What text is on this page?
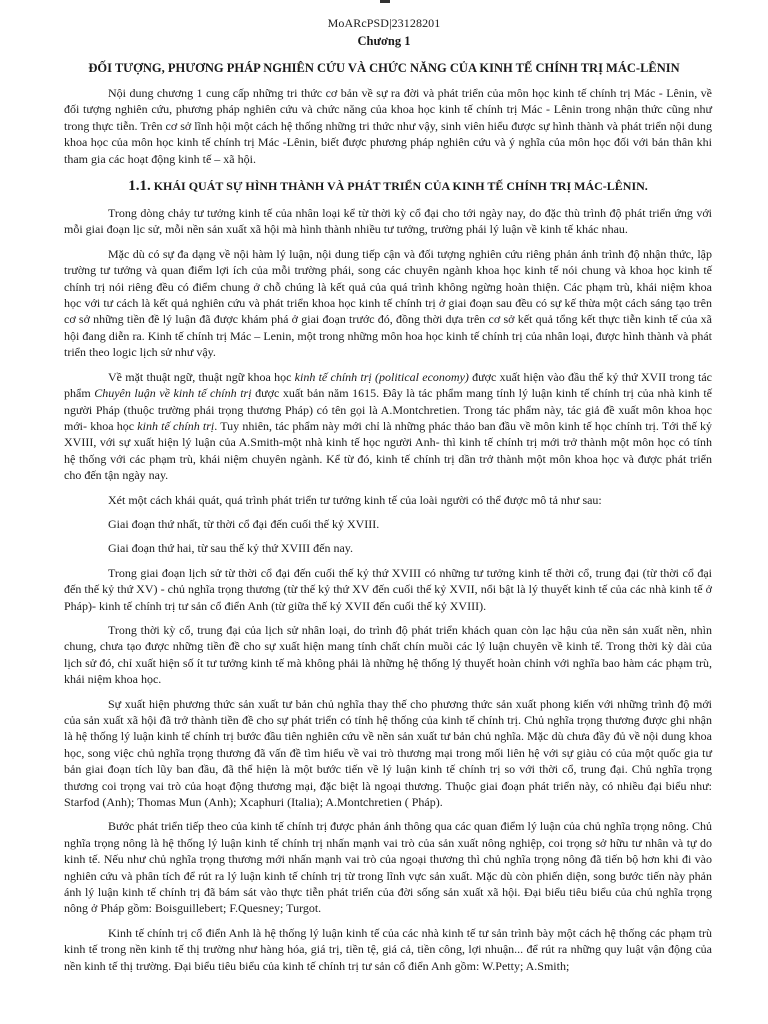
MoARcPSD|23128201
Chương 1
ĐỐI TƯỢNG, PHƯƠNG PHÁP NGHIÊN CỨU VÀ CHỨC NĂNG CỦA KINH TẾ CHÍNH TRỊ MÁC-LÊNIN

Nội dung chương 1 cung cấp những tri thức cơ bản về sự ra đời và phát triển của môn học kinh tế chính trị Mác - Lênin, về đối tượng nghiên cứu, phương pháp nghiên cứu và chức năng của khoa học kinh tế chính trị Mác - Lênin trong nhận thức cũng như trong thực tiễn. Trên cơ sở lĩnh hội một cách hệ thống những tri thức như vậy, sinh viên hiểu được sự hình thành và phát triển nội dung khoa học của môn học kinh tế chính trị Mác -Lênin, biết được phương pháp nghiên cứu và ý nghĩa của môn học đối với bản thân khi tham gia các hoạt động kinh tế – xã hội.

1.1. KHÁI QUÁT SỰ HÌNH THÀNH VÀ PHÁT TRIỂN CỦA KINH TẾ CHÍNH TRỊ MÁC-LÊNIN.

Trong dòng chảy tư tưởng kinh tế của nhân loại kể từ thời kỳ cổ đại cho tới ngày nay, do đặc thù trình độ phát triển ứng với mỗi giai đoạn lịc sử, mỗi nền sản xuất xã hội mà hình thành nhiều tư tưởng, trường phái lý luận về kinh tế khác nhau.

Mặc dù có sự đa dạng về nội hàm lý luận, nội dung tiếp cận và đối tượng nghiên cứu riêng phản ánh trình độ nhận thức, lập trường tư tưởng và quan điểm lợi ích của mỗi trường phái, song các chuyên ngành khoa học kinh tế nói chung và khoa học kinh tế chính trị nói riêng đều có điểm chung ở chỗ chúng là kết quả của quá trình không ngừng hoàn thiện. Các phạm trù, khái niệm khoa học với tư cách là kết quả nghiên cứu và phát triển khoa học kinh tế chính trị ở giai đoạn sau đều có sự kế thừa một cách sáng tạo trên cơ sở những tiền đề lý luận đã được khám phá ở giai đoạn trước đó, đồng thời dựa trên cơ sở kết quả tổng kết thực tiễn kinh tế của xã hội đang diễn ra. Kinh tế chính trị Mác – Lenin, một trong những môn hoa học kinh tế chính trị của nhân loại, được hình thành và phát triển theo logic lịch sử như vậy.

Về mặt thuật ngữ, thuật ngữ khoa học kinh tế chính trị (political economy) được xuất hiện vào đầu thế kỷ thứ XVII trong tác phẩm Chuyên luận về kinh tế chính trị được xuất bản năm 1615. Đây là tác phẩm mang tính lý luận kinh tế chính trị của nhà kinh tế người Pháp (thuộc trường phái trọng thương Pháp) có tên gọi là A.Montchretien. Trong tác phẩm này, tác giả đề xuất môn khoa học mới- khoa học kinh tế chính trị. Tuy nhiên, tác phẩm này mới chỉ là những phác thảo ban đầu về môn kinh tế học chính trị. Tới thế kỷ XVIII, với sự xuất hiện lý luận của A.Smith-một nhà kinh tế học người Anh- thì kinh tế chính trị mới trở thành một môn học có tính hệ thống với các phạm trù, khái niệm chuyên ngành. Kể từ đó, kinh tế chính trị dần trở thành một môn khoa học và được phát triển cho đến tận ngày nay.

Xét một cách khái quát, quá trình phát triển tư tưởng kinh tế của loài người có thể được mô tả như sau:

Giai đoạn thứ nhất, từ thời cổ đại đến cuối thế kỷ XVIII.

Giai đoạn thứ hai, từ sau thế kỷ thứ XVIII đến nay.

Trong giai đoạn lịch sử từ thời cổ đại đến cuối thế kỷ thứ XVIII có những tư tưởng kinh tế thời cổ, trung đại (từ thời cổ đại đến thế kỷ thứ XV) - chủ nghĩa trọng thương (từ thế kỷ thứ XV đến cuối thế kỷ XVII, nổi bật là lý thuyết kinh tế của các nhà kinh tế ở Pháp)- kinh tế chính trị tư sản cổ điển Anh (từ giữa thế kỷ XVII đến cuối thế kỷ XVIII).

Trong thời kỳ cổ, trung đại của lịch sử nhân loại, do trình độ phát triển khách quan còn lạc hậu của nền sản xuất nền, nhìn chung, chưa tạo được những tiền đề cho sự xuất hiện mang tính chất chín muồi các lý luận chuyên về kinh tế. Trong thời kỳ dài của lịch sử đó, chỉ xuất hiện số ít tư tưởng kinh tế mà không phải là những hệ thống lý thuyết hoàn chỉnh với nghĩa bao hàm các phạm trù, khái niệm khoa học.

Sự xuất hiện phương thức sản xuất tư bản chủ nghĩa thay thế cho phương thức sản xuất phong kiến với những trình độ mới của sản xuất xã hội đã trở thành tiền đề cho sự phát triển có tính hệ thống của kinh tế chính trị. Chủ nghĩa trọng thương được ghi nhận là hệ thống lý luận kinh tế chính trị bước đầu tiên nghiên cứu về nền sản xuất tư bản chủ nghĩa. Mặc dù chưa đầy đủ về nội dung khoa học, song việc chủ nghĩa trọng thương đã vấn đề tìm hiểu về vai trò thương mại trong mối liên hệ với sự giàu có của một quốc gia tư bản giai đoạn tích lũy ban đầu, đã thể hiện là một bước tiến về lý luận kinh tế chính trị so với thời cổ, trung đại. Chủ nghĩa trọng thương coi trọng vai trò của hoạt động thương mại, đặc biệt là ngoại thương. Thuộc giai đoạn phát triển này, có nhiều đại biểu như: Starfod (Anh); Thomas Mun (Anh); Xcaphuri (Italia); A.Montchretien ( Pháp).

Bước phát triển tiếp theo của kinh tế chính trị được phản ánh thông qua các quan điểm lý luận của chủ nghĩa trọng nông. Chủ nghĩa trọng nông là hệ thống lý luận kinh tế chính trị nhấn mạnh vai trò của sản xuất nông nghiệp, coi trọng sở hữu tư nhân và tự do kinh tế. Nếu như chủ nghĩa trọng thương mới nhấn mạnh vai trò của ngoại thương thì chủ nghĩa trọng nông đã tiến bộ hơn khi đi vào nghiên cứu và phân tích để rút ra lý luận kinh tế chính trị từ trong lĩnh vực sản xuất. Mặc dù còn phiến diện, song bước tiến này phản ánh lý luận kinh tế chính trị đã bám sát vào thực tiễn phát triển của đời sống sản xuất xã hội. Đại biểu tiêu biểu của chủ nghĩa trọng nông ở Pháp gồm: Boisguillebert; F.Quesney; Turgot.

Kinh tế chính trị cổ điển Anh là hệ thống lý luận kinh tế của các nhà kinh tế tư sản trình bày một cách hệ thống các phạm trù kinh tế trong nền kinh tế thị trường như hàng hóa, giá trị, tiền tệ, giá cả, tiền công, lợi nhuận... để rút ra những quy luật vận động của nền kinh tế thị trường. Đại biểu tiêu biểu của kinh tế chính trị tư sản cổ điển Anh gồm: W.Petty; A.Smith;
